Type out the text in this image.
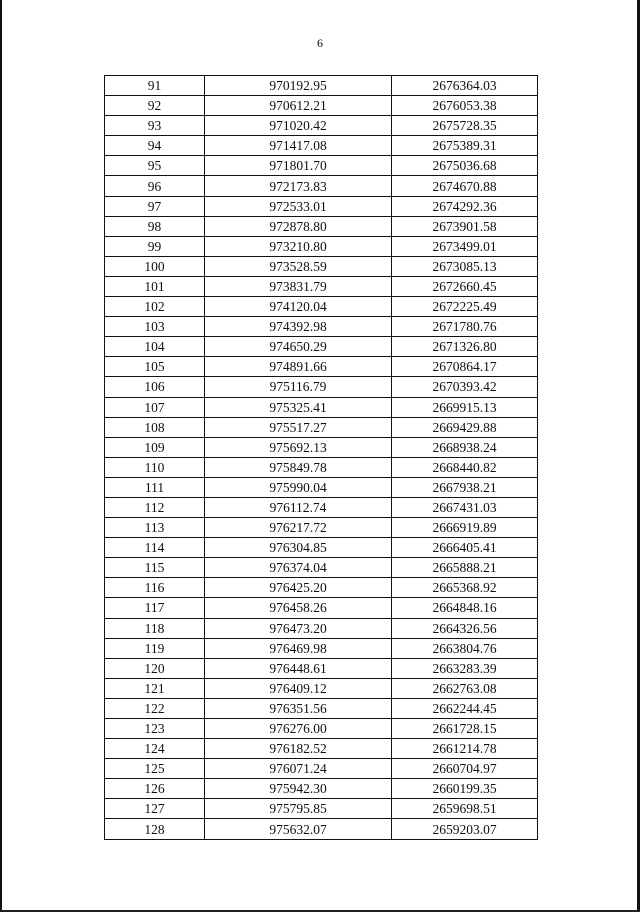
6
91	970192.95	2676364.03
92	970612.21	2676053.38
93	971020.42	2675728.35
94	971417.08	2675389.31
95	971801.70	2675036.68
96	972173.83	2674670.88
97	972533.01	2674292.36
98	972878.80	2673901.58
99	973210.80	2673499.01
100	973528.59	2673085.13
101	973831.79	2672660.45
102	974120.04	2672225.49
103	974392.98	2671780.76
104	974650.29	2671326.80
105	974891.66	2670864.17
106	975116.79	2670393.42
107	975325.41	2669915.13
108	975517.27	2669429.88
109	975692.13	2668938.24
110	975849.78	2668440.82
111	975990.04	2667938.21
112	976112.74	2667431.03
113	976217.72	2666919.89
114	976304.85	2666405.41
115	976374.04	2665888.21
116	976425.20	2665368.92
117	976458.26	2664848.16
118	976473.20	2664326.56
119	976469.98	2663804.76
120	976448.61	2663283.39
121	976409.12	2662763.08
122	976351.56	2662244.45
123	976276.00	2661728.15
124	976182.52	2661214.78
125	976071.24	2660704.97
126	975942.30	2660199.35
127	975795.85	2659698.51
128	975632.07	2659203.07
